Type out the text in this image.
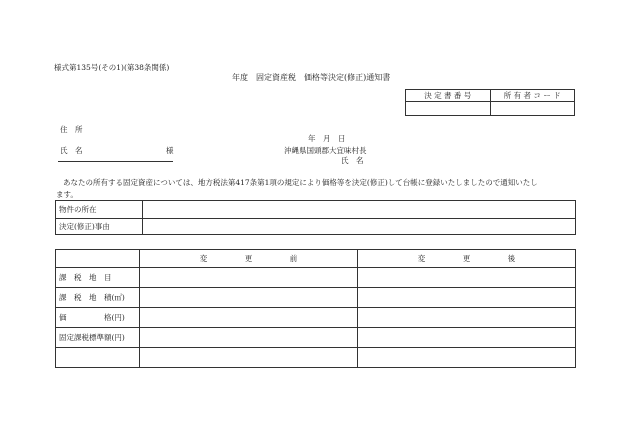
様式第135号(その1)(第38条関係)
年度　固定資産税　価格等決定(修正)通知書
決 定 書 番 号	所 有 者 コ ー ド

住　所
年　月　日
氏　名	様	沖縄県国頭郡大宜味村長
氏　名
あなたの所有する固定資産については、地方税法第417条第1項の規定により価格等を決定(修正)して台帳に登録いたしましたので通知いたし
ます。
物件の所在	
決定(修正)事由	
	変　　　　　更　　　　　前	変　　　　　更　　　　　後
課　税　地　目		
課　税　地　積(㎡)		
価　　　　　格(円)		
固定課税標準額(円)		
